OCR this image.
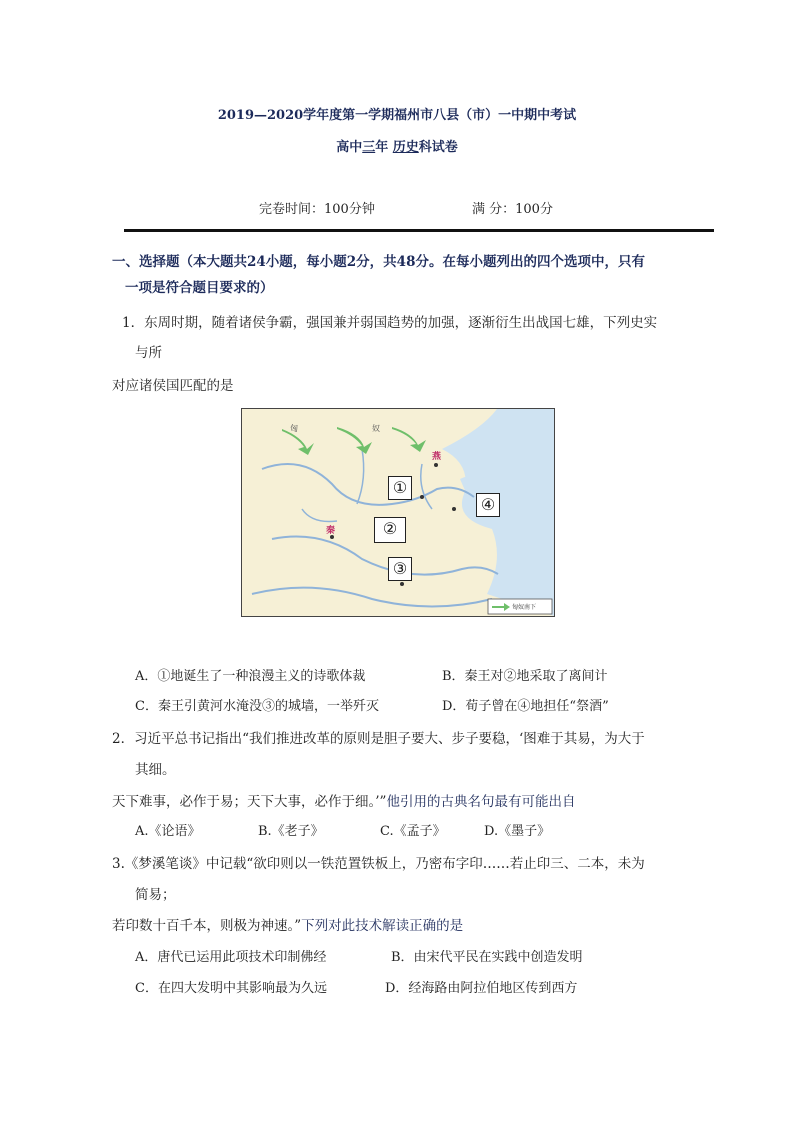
2019—2020学年度第一学期福州市八县（市）一中期中考试
高中三年 历史科试卷
完卷时间：100分钟	满 分：100分
一、选择题（本大题共24小题，每小题2分，共48分。在每小题列出的四个选项中，只有
一项是符合题目要求的）
1．东周时期，随着诸侯争霸，强国兼并弱国趋势的加强，逐渐衍生出战国七雄，下列史实
与所
对应诸侯国匹配的是
匈	奴
燕
秦
匈奴南下
①
②
③
④
A．①地诞生了一种浪漫主义的诗歌体裁	B．秦王对②地采取了离间计
C．秦王引黄河水淹没③的城墙，一举歼灭	D．荀子曾在④地担任“祭酒”
2．习近平总书记指出“我们推进改革的原则是胆子要大、步子要稳，‘图难于其易，为大于
其细。
天下难事，必作于易；天下大事，必作于细。’”他引用的古典名句最有可能出自
A.《论语》	B.《老子》	C.《孟子》	D.《墨子》
3.《梦溪笔谈》中记载“欲印则以一铁范置铁板上，乃密布字印……若止印三、二本，未为
简易；
若印数十百千本，则极为神速。”下列对此技术解读正确的是
A．唐代已运用此项技术印制佛经	B．由宋代平民在实践中创造发明
C．在四大发明中其影响最为久远	D．经海路由阿拉伯地区传到西方
